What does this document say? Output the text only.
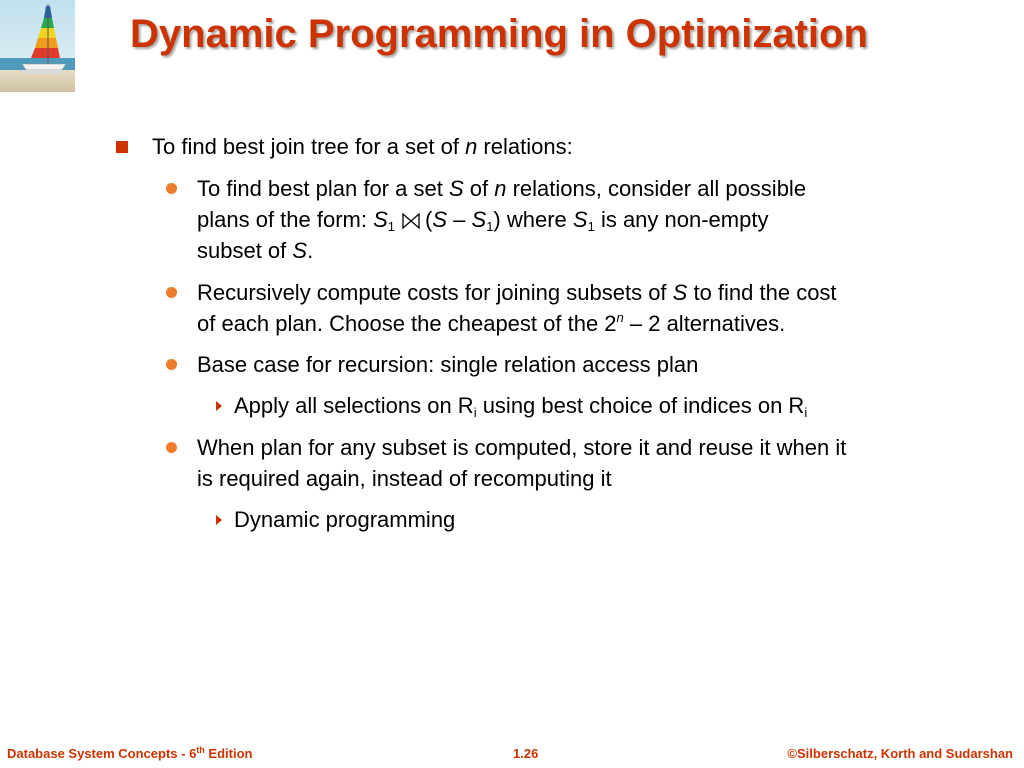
Dynamic Programming in Optimization
To find best join tree for a set of n relations:
To find best plan for a set S of n relations, consider all possible
plans of the form: $S_1$ $(S - S_1)$ where $S_1$ is any non-empty
subset of S.
Recursively compute costs for joining subsets of S to find the cost
of each plan. Choose the cheapest of the 2$^n$ – 2 alternatives.
Base case for recursion: single relation access plan
Apply all selections on $R_i$ using best choice of indices on $R_i$
When plan for any subset is computed, store it and reuse it when it
is required again, instead of recomputing it
Dynamic programming
Database System Concepts - 6th Edition	1.26	©Silberschatz, Korth and Sudarshan
